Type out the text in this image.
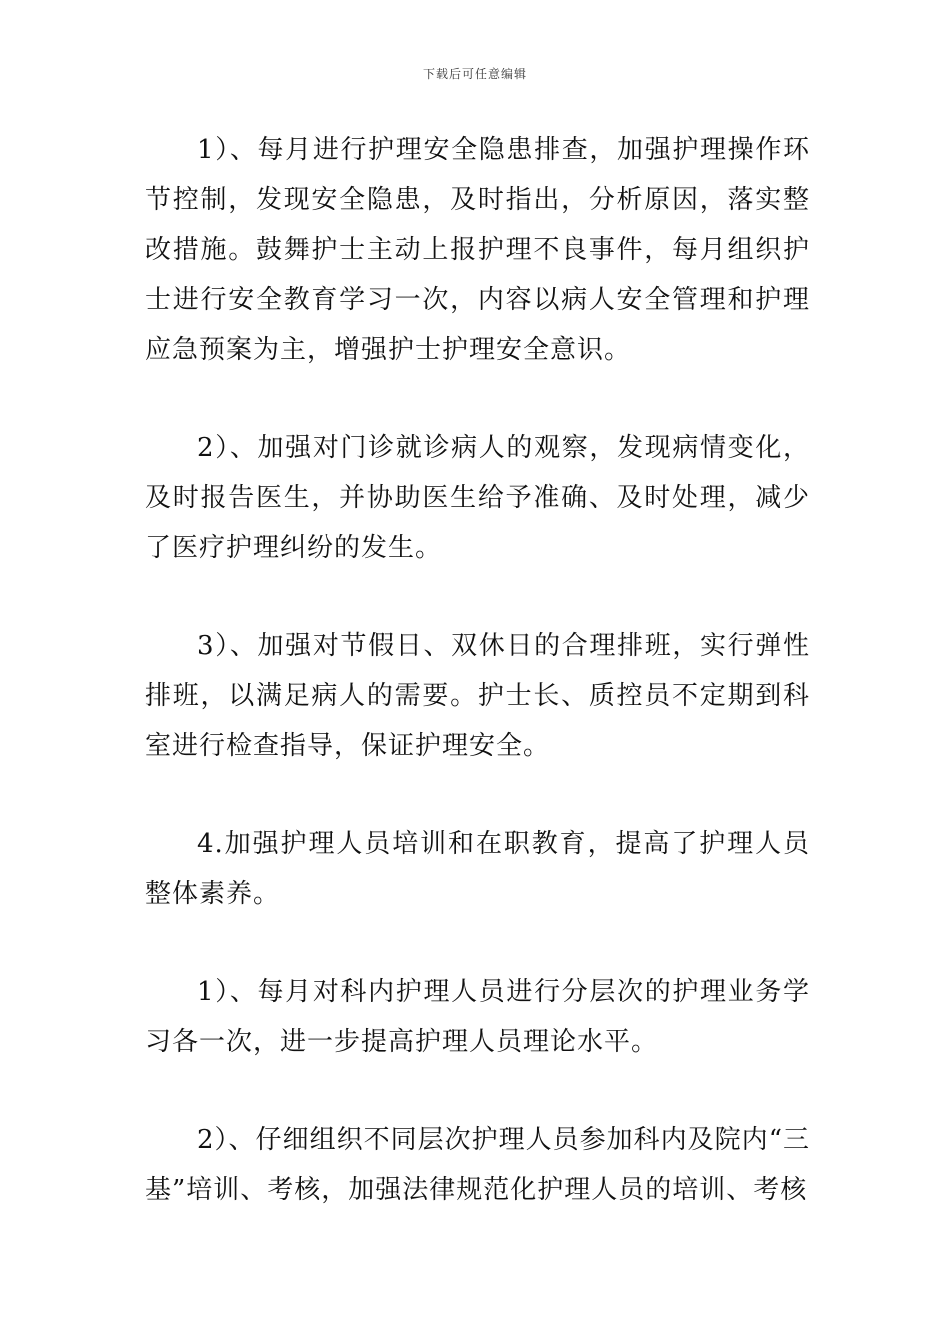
下载后可任意编辑

1）、每月进行护理安全隐患排查，加强护理操作环节控制，发现安全隐患，及时指出，分析原因，落实整改措施。鼓舞护士主动上报护理不良事件，每月组织护士进行安全教育学习一次，内容以病人安全管理和护理应急预案为主，增强护士护理安全意识。

2）、加强对门诊就诊病人的观察，发现病情变化，及时报告医生，并协助医生给予准确、及时处理，减少了医疗护理纠纷的发生。

3）、加强对节假日、双休日的合理排班，实行弹性排班，以满足病人的需要。护士长、质控员不定期到科室进行检查指导，保证护理安全。

4.加强护理人员培训和在职教育，提高了护理人员整体素养。

1）、每月对科内护理人员进行分层次的护理业务学习各一次，进一步提高护理人员理论水平。

2）、仔细组织不同层次护理人员参加科内及院内“三基”培训、考核，加强法律规范化护理人员的培训、考核
